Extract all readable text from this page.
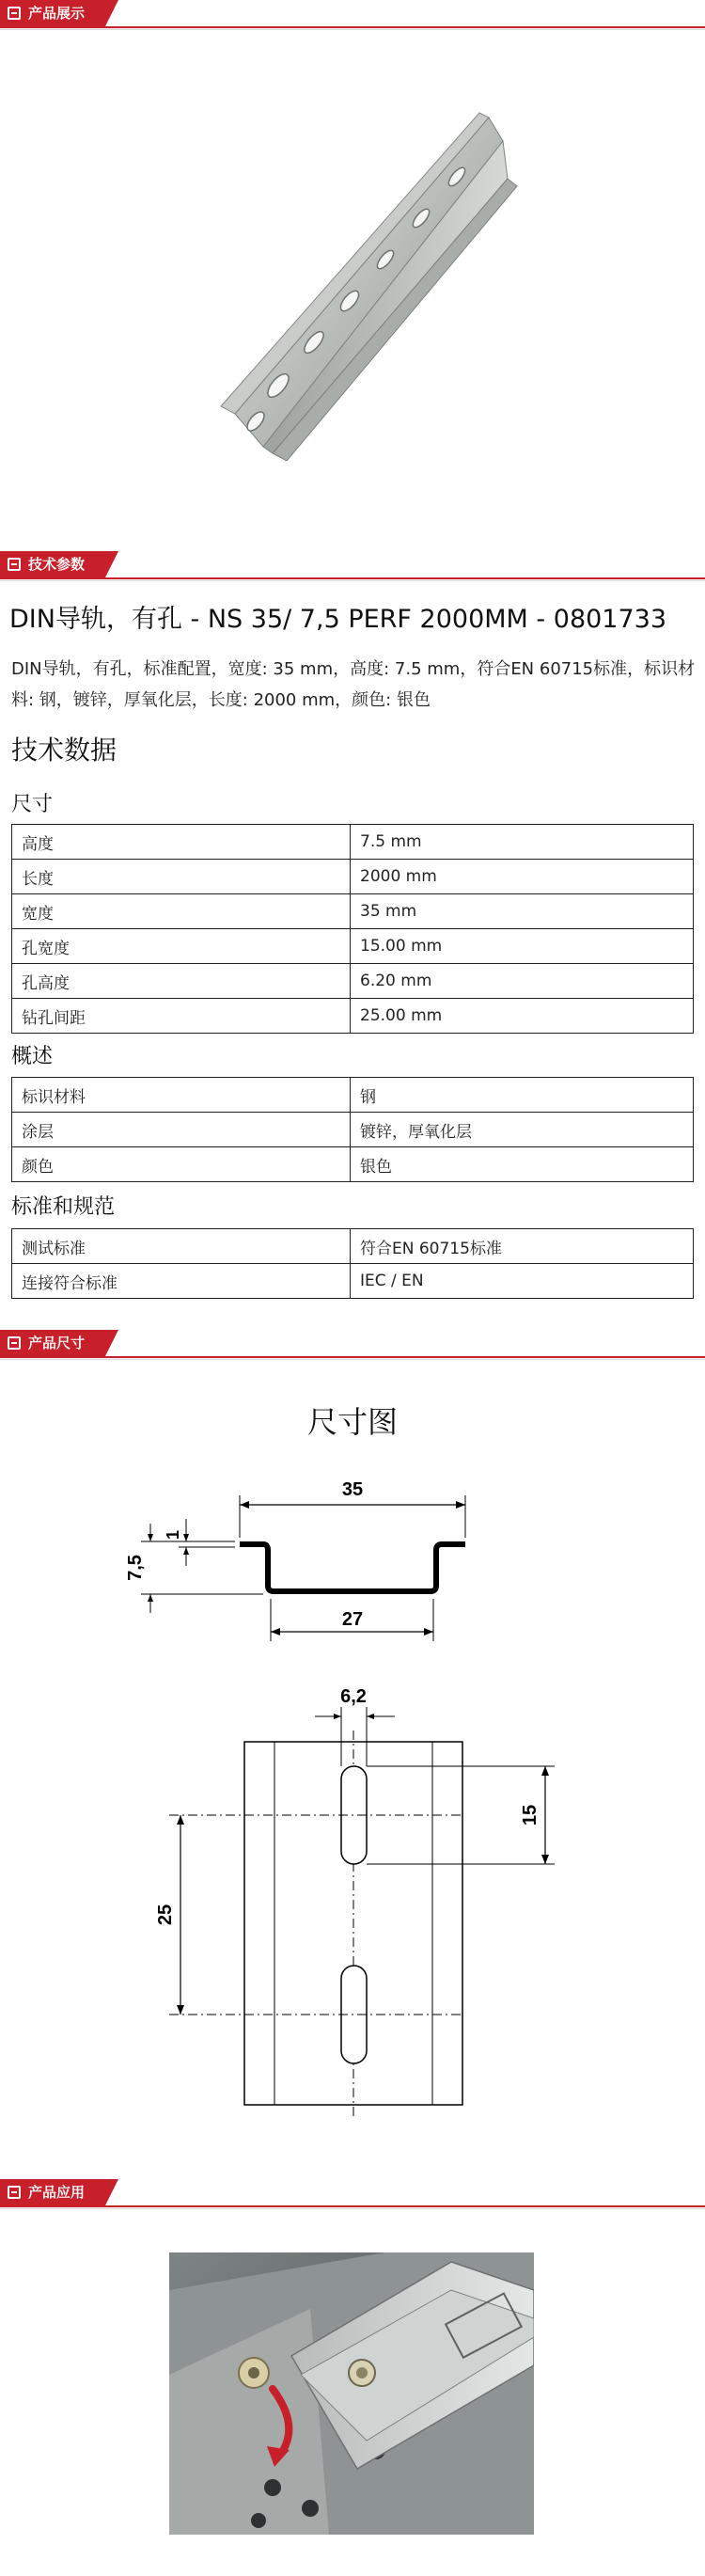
产品展示
技术参数
DIN导轨，有孔 - NS 35/ 7,5 PERF 2000MM - 0801733
DIN导轨，有孔，标准配置，宽度: 35 mm，高度: 7.5 mm，符合EN 60715标准，标识材料: 钢，镀锌，厚氧化层，长度: 2000 mm，颜色: 银色
技术数据
尺寸
高度	7.5 mm
长度	2000 mm
宽度	35 mm
孔宽度	15.00 mm
孔高度	6.20 mm
钻孔间距	25.00 mm
概述
标识材料	钢
涂层	镀锌，厚氧化层
颜色	银色
标准和规范
测试标准	符合EN 60715标准
连接符合标准	IEC / EN
产品尺寸
尺寸图
35
1
7,5
27
6,2
15
25
产品应用
